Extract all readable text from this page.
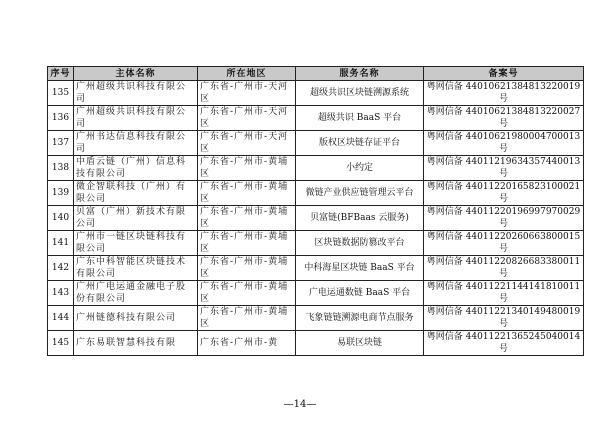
序号	主体名称	所在地区	服务名称	备案号
135	广州超级共识科技有限公司	广东省-广州市-天河区	超级共识区块链溯源系统	粤网信备 44010621384813220019 号
136	广州超级共识科技有限公司	广东省-广州市-天河区	超级共识 BaaS 平台	粤网信备 44010621384813220027 号
137	广州书达信息科技有限公司	广东省-广州市-天河区	版权区块链存证平台	粤网信备 44010621980004700013 号
138	中盾云链（广州）信息科技有限公司	广东省-广州市-黄埔区	小约定	粤网信备 44011219634357440013 号
139	微企智联科技（广州）有限公司	广东省-广州市-黄埔区	微链产业供应链管理云平台	粤网信备 44011220165823100021 号
140	贝富（广州）新技术有限公司	广东省-广州市-黄埔区	贝富链(BFBaas 云服务)	粤网信备 44011220196997970029 号
141	广州市一链区块链科技有限公司	广东省-广州市-黄埔区	区块链数据防篡改平台	粤网信备 44011220260663800015 号
142	广东中科智能区块链技术有限公司	广东省-广州市-黄埔区	中科海星区块链 BaaS 平台	粤网信备 44011220826683380011 号
143	广州广电运通金融电子股份有限公司	广东省-广州市-黄埔区	广电运通数链 BaaS 平台	粤网信备 44011221144141810011 号
144	广州链德科技有限公司	广东省-广州市-黄埔区	飞象链链溯源电商节点服务	粤网信备 44011221340149480019 号
145	广东易联智慧科技有限	广东省-广州市-黄	易联区块链	粤网信备 44011221365245040014 号
—14—
